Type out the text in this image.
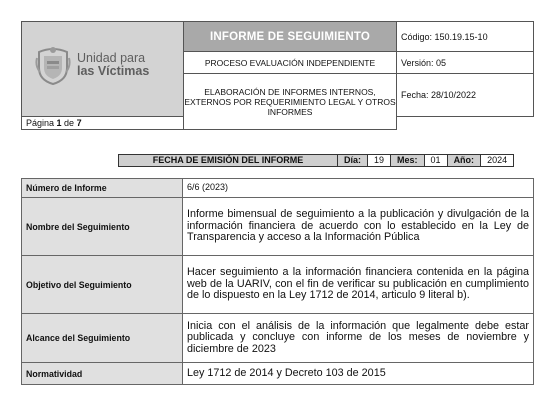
Unidad para
las Víctimas	INFORME DE SEGUIMIENTO	Código: 150.19.15-10
	PROCESO EVALUACIÓN INDEPENDIENTE	Versión: 05
	ELABORACIÓN DE INFORMES INTERNOS, EXTERNOS POR REQUERIMIENTO LEGAL Y OTROS INFORMES	Fecha: 28/10/2022
Página 1 de 7		
FECHA DE EMISIÓN DEL INFORME	Día:	19	Mes:	01	Año:	2024
Número de Informe	6/6 (2023)
Nombre del Seguimiento	Informe bimensual de seguimiento a la publicación y divulgación de la información financiera de acuerdo con lo establecido en la Ley de Transparencia y acceso a la Información Pública
Objetivo del Seguimiento	Hacer seguimiento a la información financiera contenida en la página web de la UARIV, con el fin de verificar su publicación en cumplimiento de lo dispuesto en la Ley 1712 de 2014, articulo 9 literal b).
Alcance del Seguimiento	Inicia con el análisis de la información que legalmente debe estar publicada y concluye con informe de los meses de noviembre y diciembre de 2023
Normatividad	Ley 1712 de 2014 y Decreto 103 de 2015
